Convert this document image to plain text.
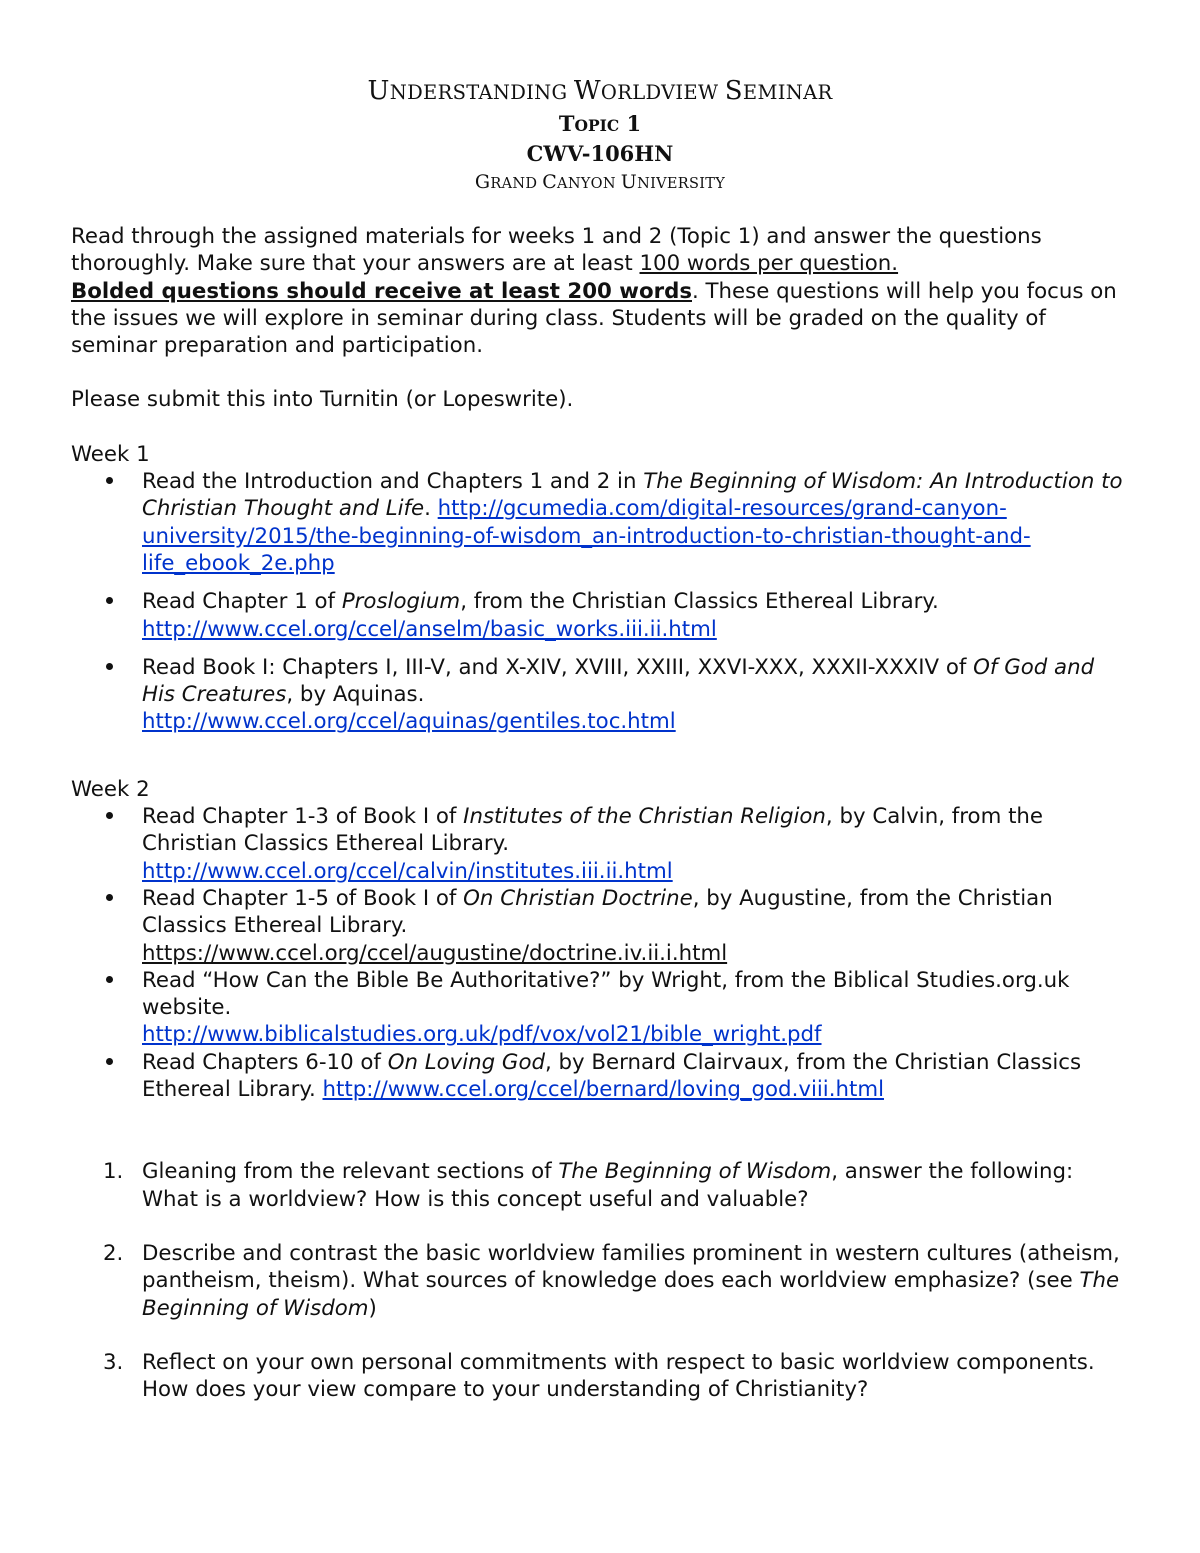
UNDERSTANDING WORLDVIEW SEMINAR
TOPIC 1
CWV-106HN
GRAND CANYON UNIVERSITY

Read through the assigned materials for weeks 1 and 2 (Topic 1) and answer the questions thoroughly. Make sure that your answers are at least 100 words per question.
Bolded questions should receive at least 200 words. These questions will help you focus on the issues we will explore in seminar during class. Students will be graded on the quality of seminar preparation and participation.

Please submit this into Turnitin (or Lopeswrite).

Week 1
Read the Introduction and Chapters 1 and 2 in The Beginning of Wisdom: An Introduction to Christian Thought and Life. http://gcumedia.com/digital-resources/grand-canyon-university/2015/the-beginning-of-wisdom_an-introduction-to-christian-thought-and-life_ebook_2e.php
Read Chapter 1 of Proslogium, from the Christian Classics Ethereal Library.
http://www.ccel.org/ccel/anselm/basic_works.iii.ii.html
Read Book I: Chapters I, III-V, and X-XIV, XVIII, XXIII, XXVI-XXX, XXXII-XXXIV of Of God and His Creatures, by Aquinas.
http://www.ccel.org/ccel/aquinas/gentiles.toc.html
Week 2
Read Chapter 1-3 of Book I of Institutes of the Christian Religion, by Calvin, from the Christian Classics Ethereal Library.
http://www.ccel.org/ccel/calvin/institutes.iii.ii.html
Read Chapter 1-5 of Book I of On Christian Doctrine, by Augustine, from the Christian Classics Ethereal Library.
https://www.ccel.org/ccel/augustine/doctrine.iv.ii.i.html
Read “How Can the Bible Be Authoritative?” by Wright, from the Biblical Studies.org.uk website.
http://www.biblicalstudies.org.uk/pdf/vox/vol21/bible_wright.pdf
Read Chapters 6-10 of On Loving God, by Bernard Clairvaux, from the Christian Classics Ethereal Library. http://www.ccel.org/ccel/bernard/loving_god.viii.html
1. Gleaning from the relevant sections of The Beginning of Wisdom, answer the following: What is a worldview? How is this concept useful and valuable?
2. Describe and contrast the basic worldview families prominent in western cultures (atheism, pantheism, theism). What sources of knowledge does each worldview emphasize? (see The Beginning of Wisdom)
3. Reflect on your own personal commitments with respect to basic worldview components. How does your view compare to your understanding of Christianity?
